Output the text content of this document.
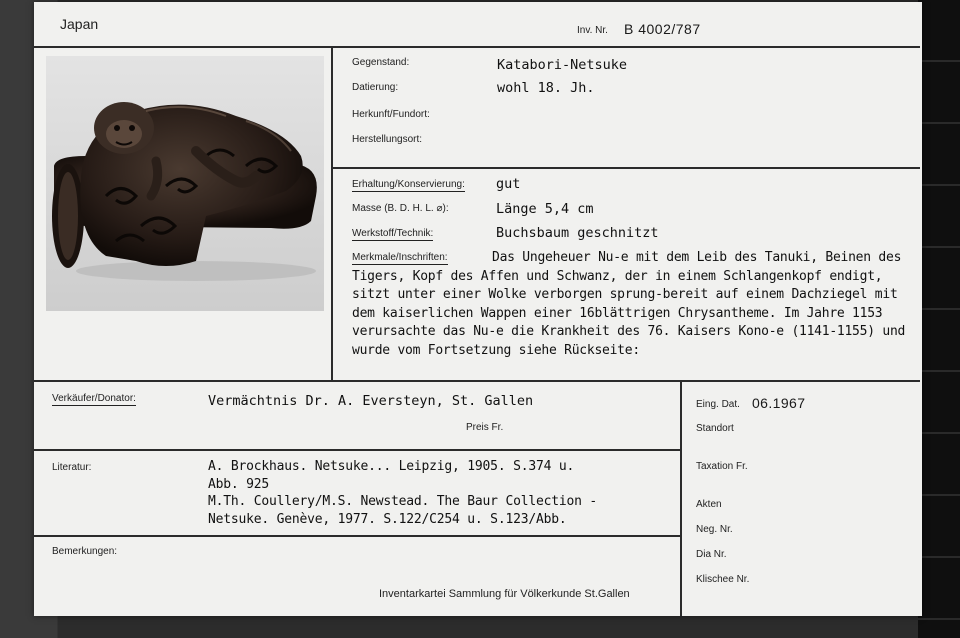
Japan	Inv. Nr. B 4002/787
Gegenstand:	Katabori-Netsuke
Datierung:	wohl 18. Jh.
Herkunft/Fundort:
Herstellungsort:
Erhaltung/Konservierung: gut
Masse (B. D. H. L. ⌀):	Länge 5,4 cm
Werkstoff/Technik:	Buchsbaum geschnitzt
Merkmale/Inschriften:	Das Ungeheuer Nu-e mit dem Leib des Tanuki, Beinen des Tigers, Kopf des Affen und Schwanz, der in einem Schlangenkopf endigt, sitzt unter einer Wolke verborgen sprung-bereit auf einem Dachziegel mit dem kaiserlichen Wappen einer 16blättrigen Chrysantheme. Im Jahre 1153 verursachte das Nu-e die Krankheit des 76. Kaisers Kono-e (1141-1155) und wurde vom Fortsetzung siehe Rückseite:
Verkäufer/Donator:	Vermächtnis Dr. A. Eversteyn, St. Gallen
Preis Fr.
Literatur:	A. Brockhaus. Netsuke... Leipzig, 1905. S.374 u.
Abb. 925
M.Th. Coullery/M.S. Newstead. The Baur Collection -
Netsuke. Genève, 1977. S.122/C254 u. S.123/Abb.
Bemerkungen:
Inventarkartei Sammlung für Völkerkunde St.Gallen
Eing. Dat. 06.1967
Standort
Taxation Fr.
Akten
Neg. Nr.
Dia Nr.
Klischee Nr.
